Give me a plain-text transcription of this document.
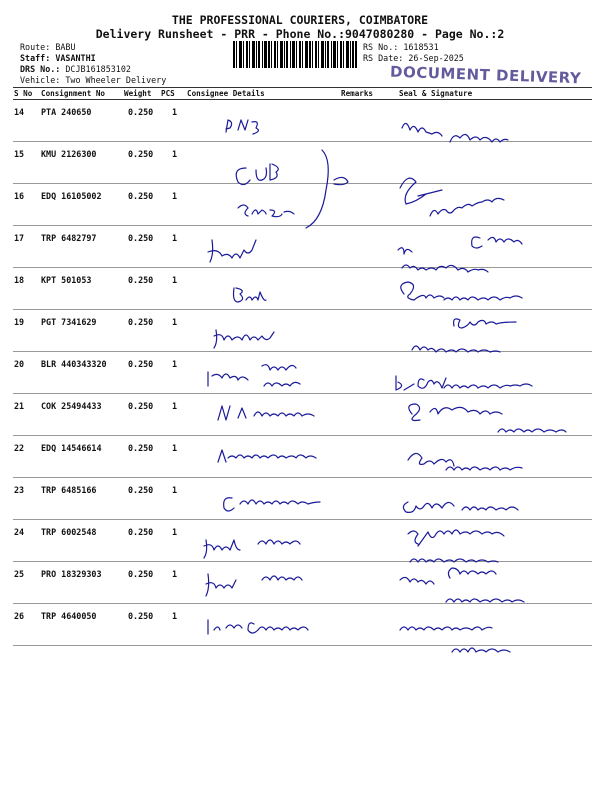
THE PROFESSIONAL COURIERS, COIMBATORE
Delivery Runsheet - PRR - Phone No.:9047080280 - Page No.:2
Route: BABU
Staff: VASANTHI
DRS No.: DCJB161853102
Vehicle: Two Wheeler Delivery
RS No.: 1618531
RS Date: 26-Sep-2025
DOCUMENT DELIVERY
S No Consignment No Weight PCS Consignee Details	Remarks	Seal & Signature
14 PTA 240650	0.250 1
15 KMU 2126300	0.250 1
16 EDQ 16105002	0.250 1
17 TRP 6482797	0.250 1
18 KPT 501053	0.250 1
19 PGT 7341629	0.250 1
20 BLR 440343320	0.250 1
21 COK 25494433	0.250 1
22 EDQ 14546614	0.250 1
23 TRP 6485166	0.250 1
24 TRP 6002548	0.250 1
25 PRO 18329303	0.250 1
26 TRP 4640050	0.250 1
